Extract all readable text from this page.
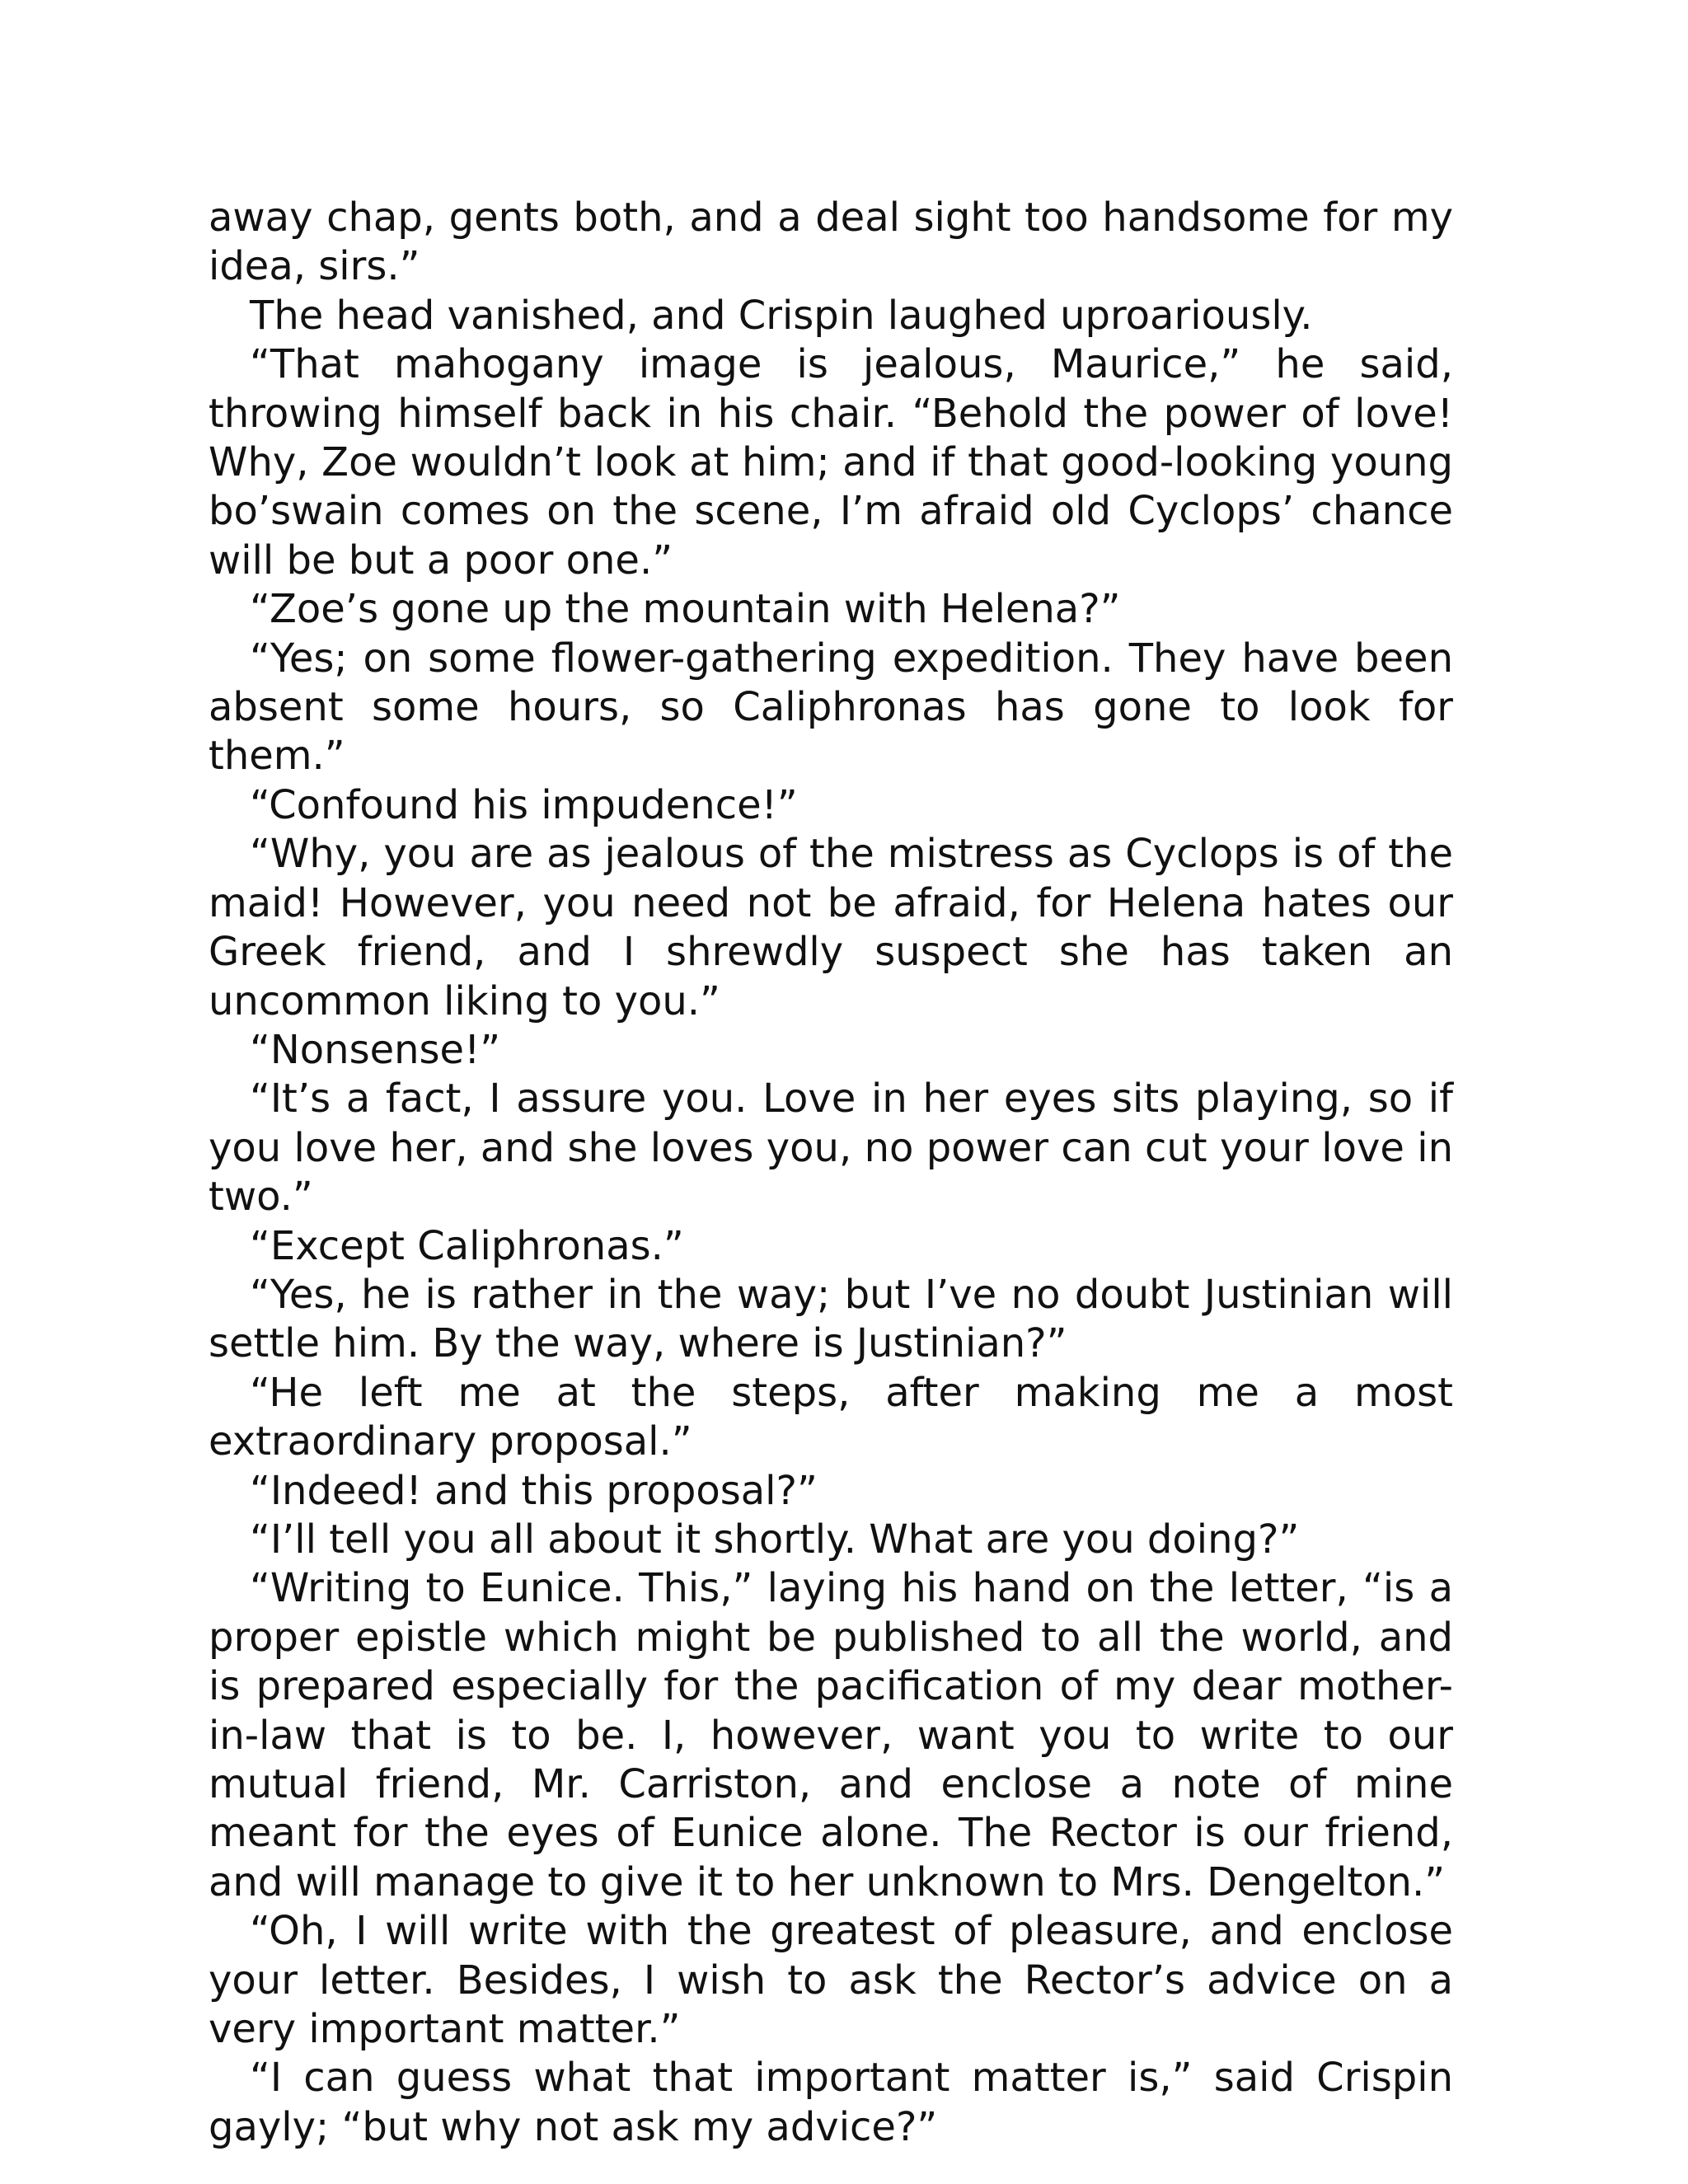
away chap, gents both, and a deal sight too handsome for my idea, sirs.”

The head vanished, and Crispin laughed uproariously.

“That mahogany image is jealous, Maurice,” he said, throwing himself back in his chair. “Behold the power of love! Why, Zoe wouldn’t look at him; and if that good-looking young bo’swain comes on the scene, I’m afraid old Cyclops’ chance will be but a poor one.”

“Zoe’s gone up the mountain with Helena?”

“Yes; on some flower-gathering expedition. They have been absent some hours, so Caliphronas has gone to look for them.”

“Confound his impudence!”

“Why, you are as jealous of the mistress as Cyclops is of the maid! However, you need not be afraid, for Helena hates our Greek friend, and I shrewdly suspect she has taken an uncommon liking to you.”

“Nonsense!”

“It’s a fact, I assure you. Love in her eyes sits playing, so if you love her, and she loves you, no power can cut your love in two.”

“Except Caliphronas.”

“Yes, he is rather in the way; but I’ve no doubt Justinian will settle him. By the way, where is Justinian?”

“He left me at the steps, after making me a most extraordinary proposal.”

“Indeed! and this proposal?”

“I’ll tell you all about it shortly. What are you doing?”

“Writing to Eunice. This,” laying his hand on the letter, “is a proper epistle which might be published to all the world, and is prepared especially for the pacification of my dear mother-in-law that is to be. I, however, want you to write to our mutual friend, Mr. Carriston, and enclose a note of mine meant for the eyes of Eunice alone. The Rector is our friend, and will manage to give it to her unknown to Mrs. Dengelton.”

“Oh, I will write with the greatest of pleasure, and enclose your letter. Besides, I wish to ask the Rector’s advice on a very important matter.”

“I can guess what that important matter is,” said Crispin gayly; “but why not ask my advice?”
